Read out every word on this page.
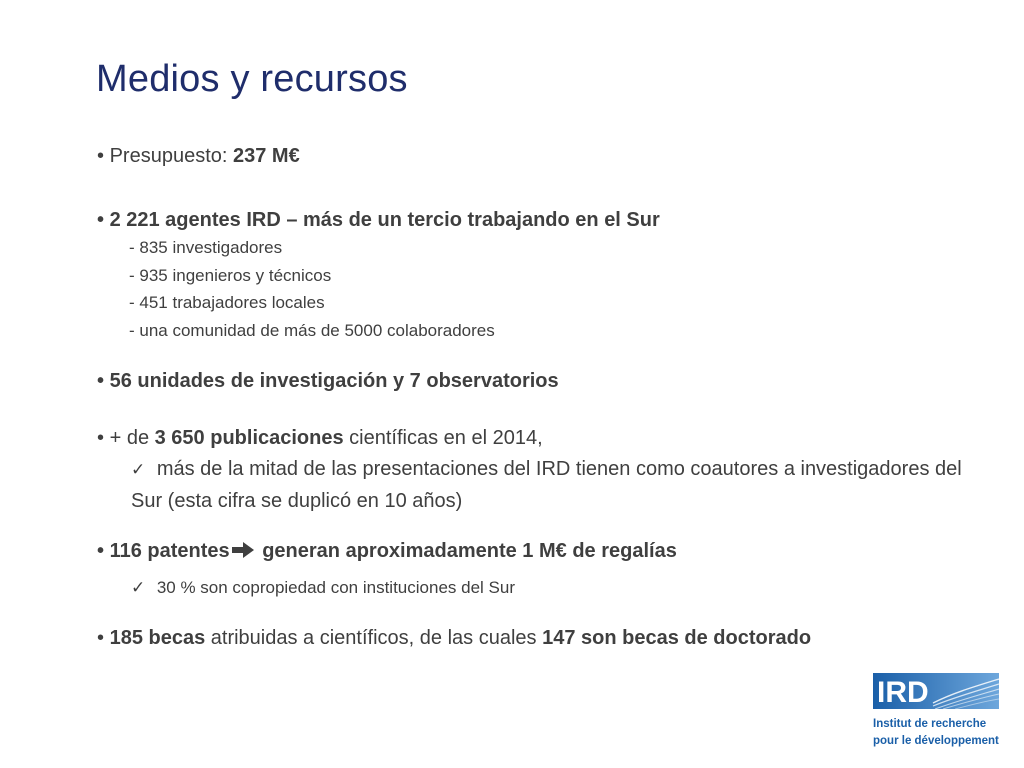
Medios y recursos
• Presupuesto: 237 M€
• 2 221 agentes IRD – más de un tercio trabajando en el Sur
- 835 investigadores
- 935 ingenieros y técnicos
- 451 trabajadores locales
- una comunidad de más de 5000 colaboradores
• 56 unidades de investigación y 7 observatorios
• + de 3 650 publicaciones científicas en el 2014,
✓ más de la mitad de las presentaciones del IRD tienen como coautores a investigadores del Sur (esta cifra se duplicó en 10 años)
• 116 patentes generan aproximadamente 1 M€ de regalías
✓ 30 % son copropiedad con instituciones del Sur
• 185 becas atribuidas a científicos, de las cuales 147 son becas de doctorado
IRD
Institut de recherche
pour le développement
